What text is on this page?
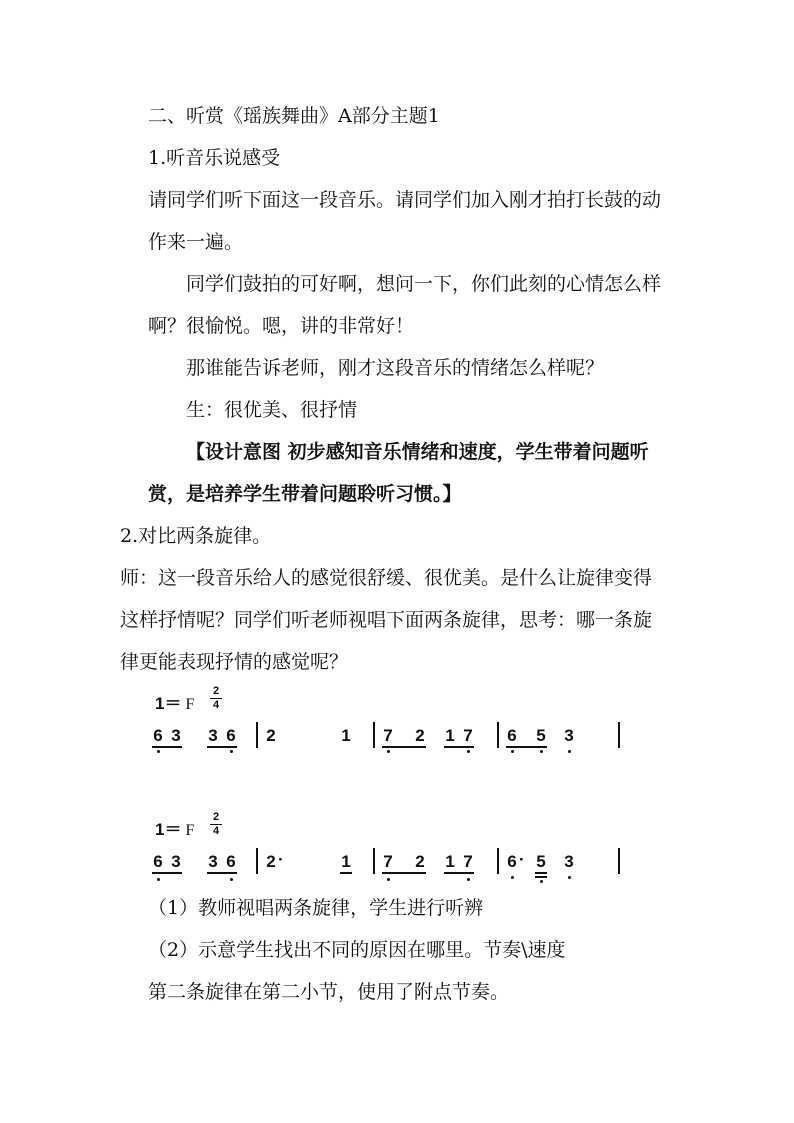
二、听赏《瑶族舞曲》A部分主题1
1.听音乐说感受
请同学们听下面这一段音乐。请同学们加入刚才拍打长鼓的动
作来一遍。
同学们鼓拍的可好啊，想问一下，你们此刻的心情怎么样
啊？很愉悦。嗯，讲的非常好！
那谁能告诉老师，刚才这段音乐的情绪怎么样呢？
生：很优美、很抒情
【设计意图 初步感知音乐情绪和速度，学生带着问题听
赏，是培养学生带着问题聆听习惯。】
2.对比两条旋律。
师：这一段音乐给人的感觉很舒缓、很优美。是什么让旋律变得
这样抒情呢？同学们听老师视唱下面两条旋律，思考：哪一条旋
律更能表现抒情的感觉呢？
1＝ F
2
4
6 3 3 6 2	1 7 2 1 7 6 5 3
1＝ F
2
4
6 3 3 6 2 ·	1 7 2 1 7 6 · 5 3
（1）教师视唱两条旋律，学生进行听辨
（2）示意学生找出不同的原因在哪里。节奏\速度
第二条旋律在第二小节，使用了附点节奏。
